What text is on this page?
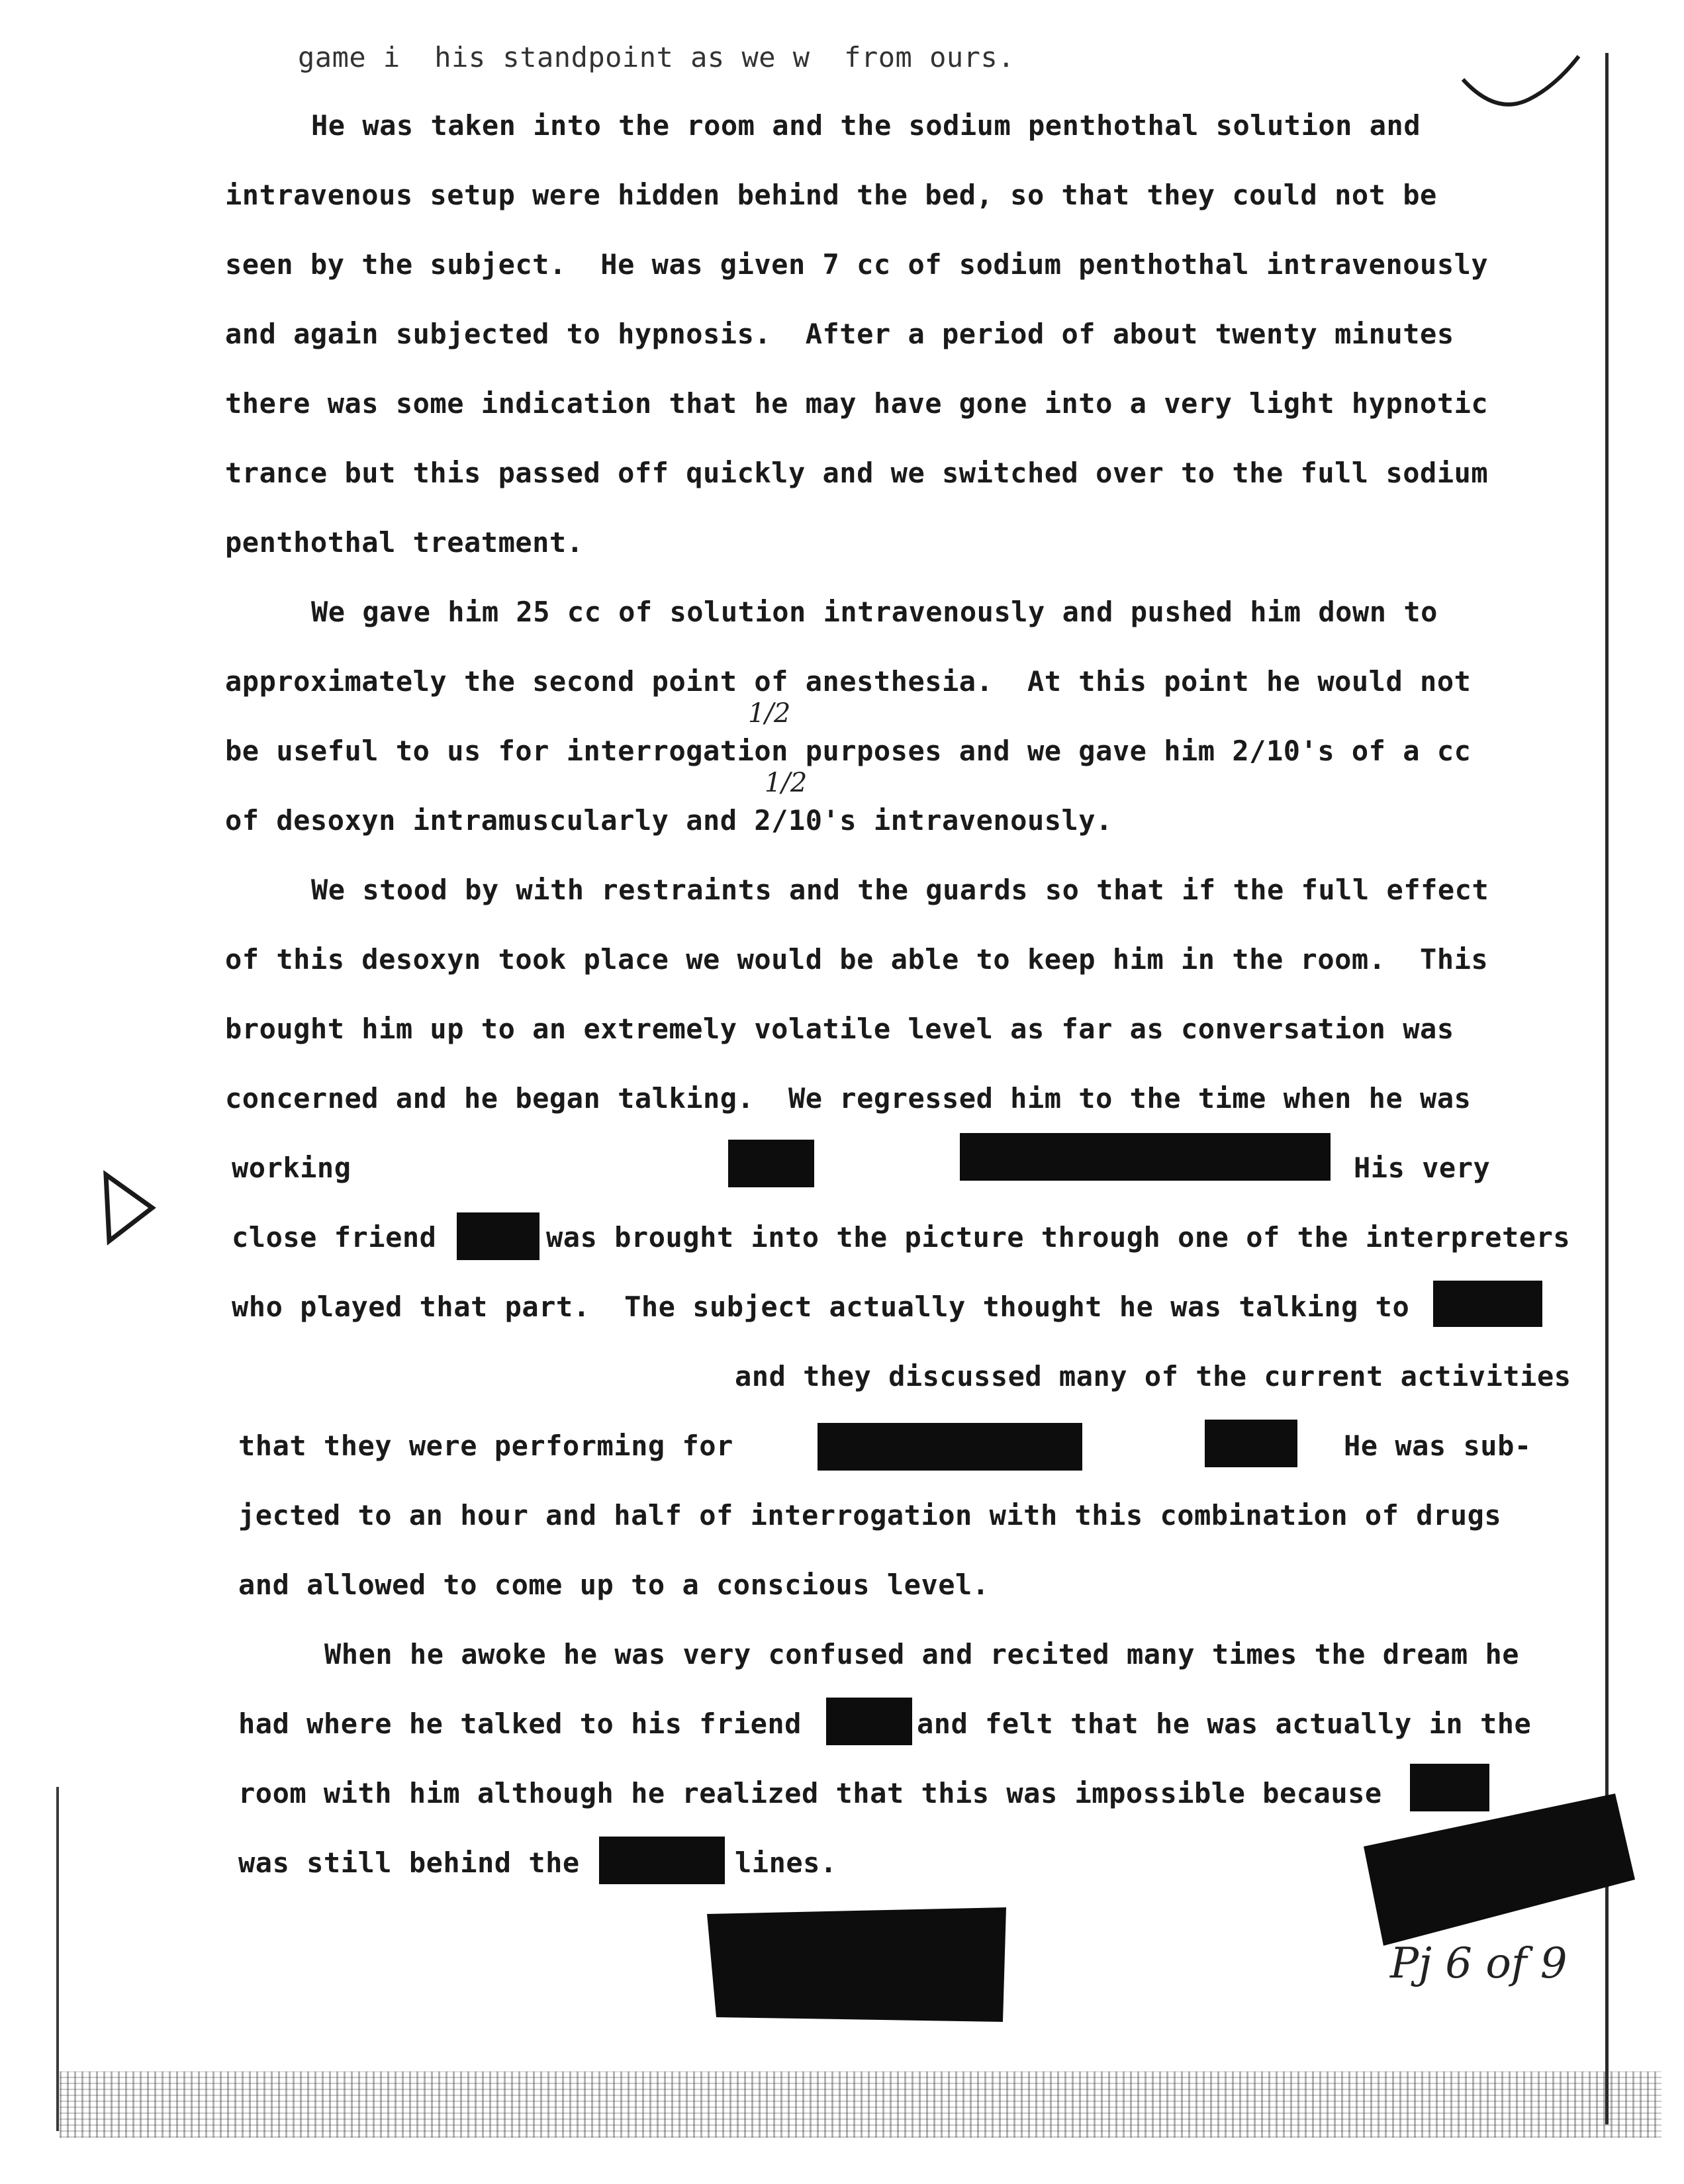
game i  his standpoint as we w  from ours.
He was taken into the room and the sodium penthothal solution and
intravenous setup were hidden behind the bed, so that they could not be
seen by the subject.  He was given 7 cc of sodium penthothal intravenously
and again subjected to hypnosis.  After a period of about twenty minutes
there was some indication that he may have gone into a very light hypnotic
trance but this passed off quickly and we switched over to the full sodium
penthothal treatment.
We gave him 25 cc of solution intravenously and pushed him down to
approximately the second point of anesthesia.  At this point he would not
be useful to us for interrogation purposes and we gave him 2/10's of a cc
of desoxyn intramuscularly and 2/10's intravenously.
We stood by with restraints and the guards so that if the full effect
of this desoxyn took place we would be able to keep him in the room.  This
brought him up to an extremely volatile level as far as conversation was
concerned and he began talking.  We regressed him to the time when he was
working	His very
close friend	was brought into the picture through one of the interpreters
who played that part.  The subject actually thought he was talking to
and they discussed many of the current activities
that they were performing for	He was sub-
jected to an hour and half of interrogation with this combination of drugs
and allowed to come up to a conscious level.
When he awoke he was very confused and recited many times the dream he
had where he talked to his friend	and felt that he was actually in the
room with him although he realized that this was impossible because
was still behind the	lines.
1/2
1/2
Pj 6 of 9
